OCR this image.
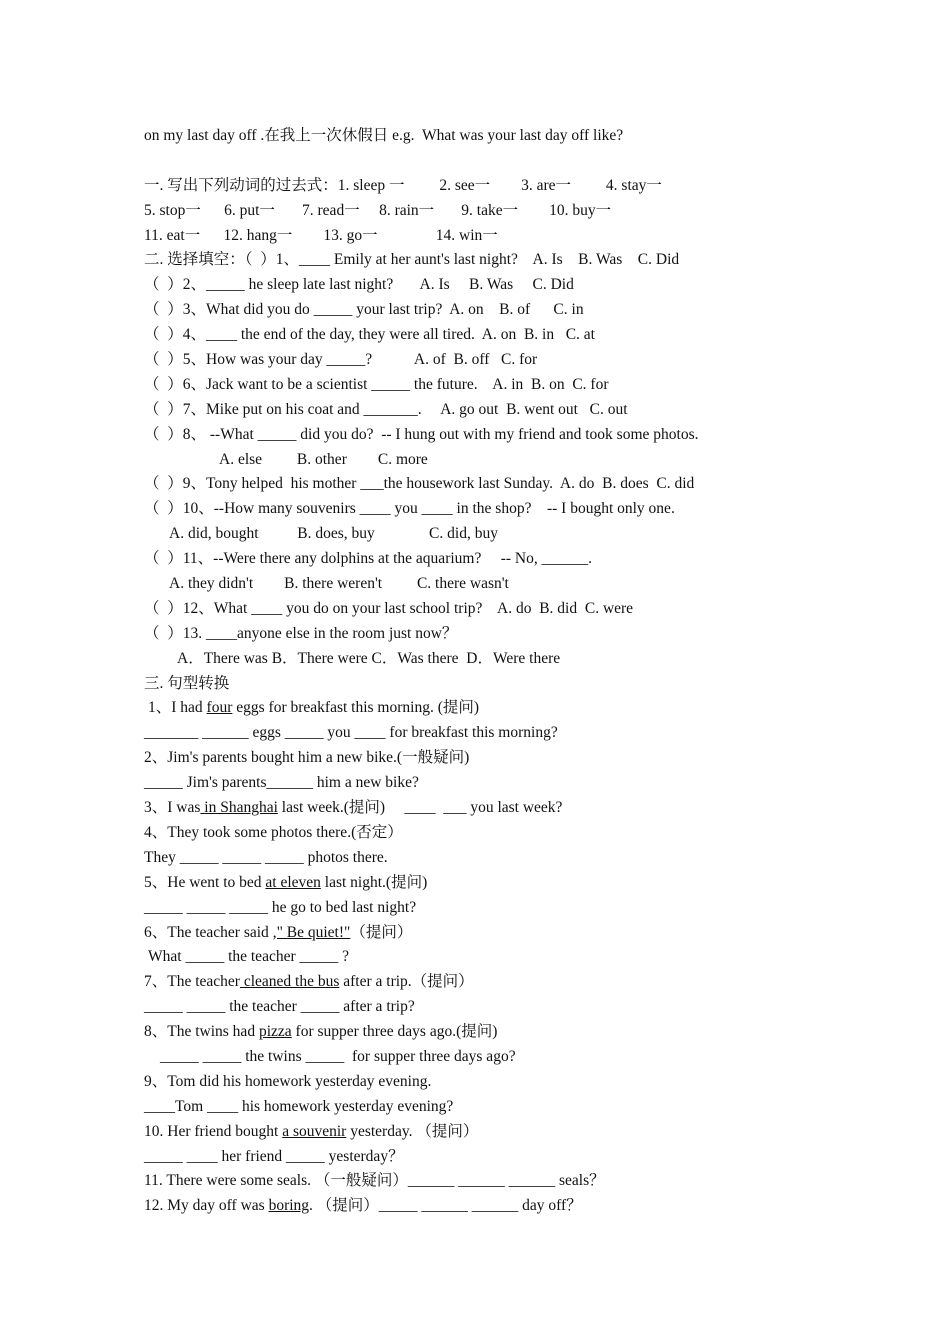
on my last day off .在我上一次休假日 e.g.  What was your last day off like?
一. 写出下列动词的过去式：1. sleep 一         2. see一        3. are一         4. stay一
5. stop一      6. put一       7. read一     8. rain一       9. take一        10. buy一
11. eat一      12. hang一        13. go一               14. win一
二. 选择填空：（  ）1、____ Emily at her aunt's last night?    A. Is    B. Was    C. Did
（  ）2、_____ he sleep late last night?       A. Is     B. Was     C. Did
（  ）3、What did you do _____ your last trip?  A. on    B. of      C. in
（  ）4、____ the end of the day, they were all tired.  A. on  B. in   C. at
（  ）5、How was your day _____?           A. of  B. off   C. for
（  ）6、Jack want to be a scientist _____ the future.    A. in  B. on  C. for
（  ）7、Mike put on his coat and _______.     A. go out  B. went out   C. out
（  ）8、 --What _____ did you do?  -- I hung out with my friend and took some photos.
A. else         B. other        C. more
（  ）9、Tony helped  his mother ___the housework last Sunday.  A. do  B. does  C. did
（  ）10、--How many souvenirs ____ you ____ in the shop?    -- I bought only one.
A. did, bought          B. does, buy              C. did, buy
（  ）11、--Were there any dolphins at the aquarium?     -- No, ______.
A. they didn't        B. there weren't         C. there wasn't
（  ）12、What ____ you do on your last school trip?    A. do  B. did  C. were
（  ）13. ____anyone else in the room just now？
A．There was B．There were C．Was there  D．Were there
三. 句型转换
1、I had four eggs for breakfast this morning. (提问)
_______ ______ eggs _____ you ____ for breakfast this morning?
2、Jim's parents bought him a new bike.(一般疑问)
_____ Jim's parents______ him a new bike?
3、I was in Shanghai last week.(提问)     ____  ___ you last week?
4、They took some photos there.(否定）
They _____ _____ _____ photos there.
5、He went to bed at eleven last night.(提问)
_____ _____ _____ he go to bed last night?
6、The teacher said ," Be quiet!"（提问）
What _____ the teacher _____ ?
7、The teacher cleaned the bus after a trip.（提问）
_____ _____ the teacher _____ after a trip?
8、The twins had pizza for supper three days ago.(提问)
_____ _____ the twins _____  for supper three days ago?
9、Tom did his homework yesterday evening.
____Tom ____ his homework yesterday evening?
10. Her friend bought a souvenir yesterday. （提问）
_____ ____ her friend _____ yesterday？
11. There were some seals. （一般疑问）______ ______ ______ seals？
12. My day off was boring. （提问）_____ ______ ______ day off？
